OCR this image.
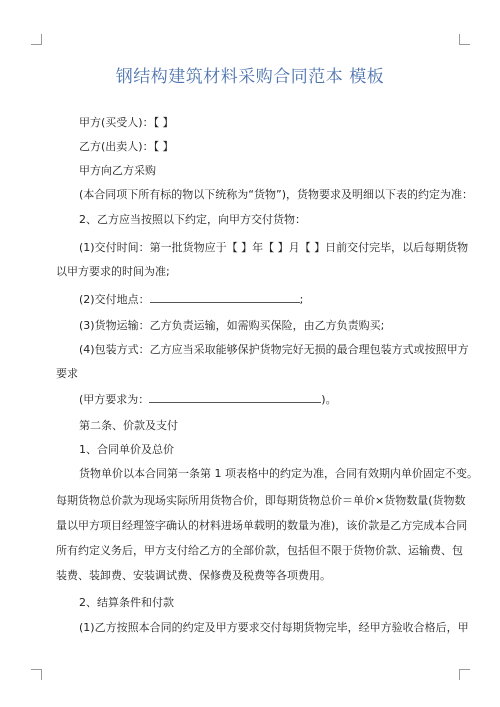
钢结构建筑材料采购合同范本 模板
甲方(买受人)：【 】
乙方(出卖人)：【 】
甲方向乙方采购
(本合同项下所有标的物以下统称为“货物”)，货物要求及明细以下表的约定为准：
2、乙方应当按照以下约定，向甲方交付货物：
(1)交付时间：第一批货物应于【 】年【 】月【 】日前交付完毕，以后每期货物
以甲方要求的时间为准;
(2)交付地点：	;
(3)货物运输：乙方负责运输，如需购买保险，由乙方负责购买;
(4)包装方式：乙方应当采取能够保护货物完好无损的最合理包装方式或按照甲方
要求
(甲方要求为：	)。
第二条、价款及支付
1、合同单价及总价
货物单价以本合同第一条第 1 项表格中的约定为准，合同有效期内单价固定不变。
每期货物总价款为现场实际所用货物合价，即每期货物总价＝单价×货物数量(货物数
量以甲方项目经理签字确认的材料进场单载明的数量为准)，该价款是乙方完成本合同
所有约定义务后，甲方支付给乙方的全部价款，包括但不限于货物价款、运输费、包
装费、装卸费、安装调试费、保修费及税费等各项费用。
2、结算条件和付款
(1)乙方按照本合同的约定及甲方要求交付每期货物完毕，经甲方验收合格后，甲
